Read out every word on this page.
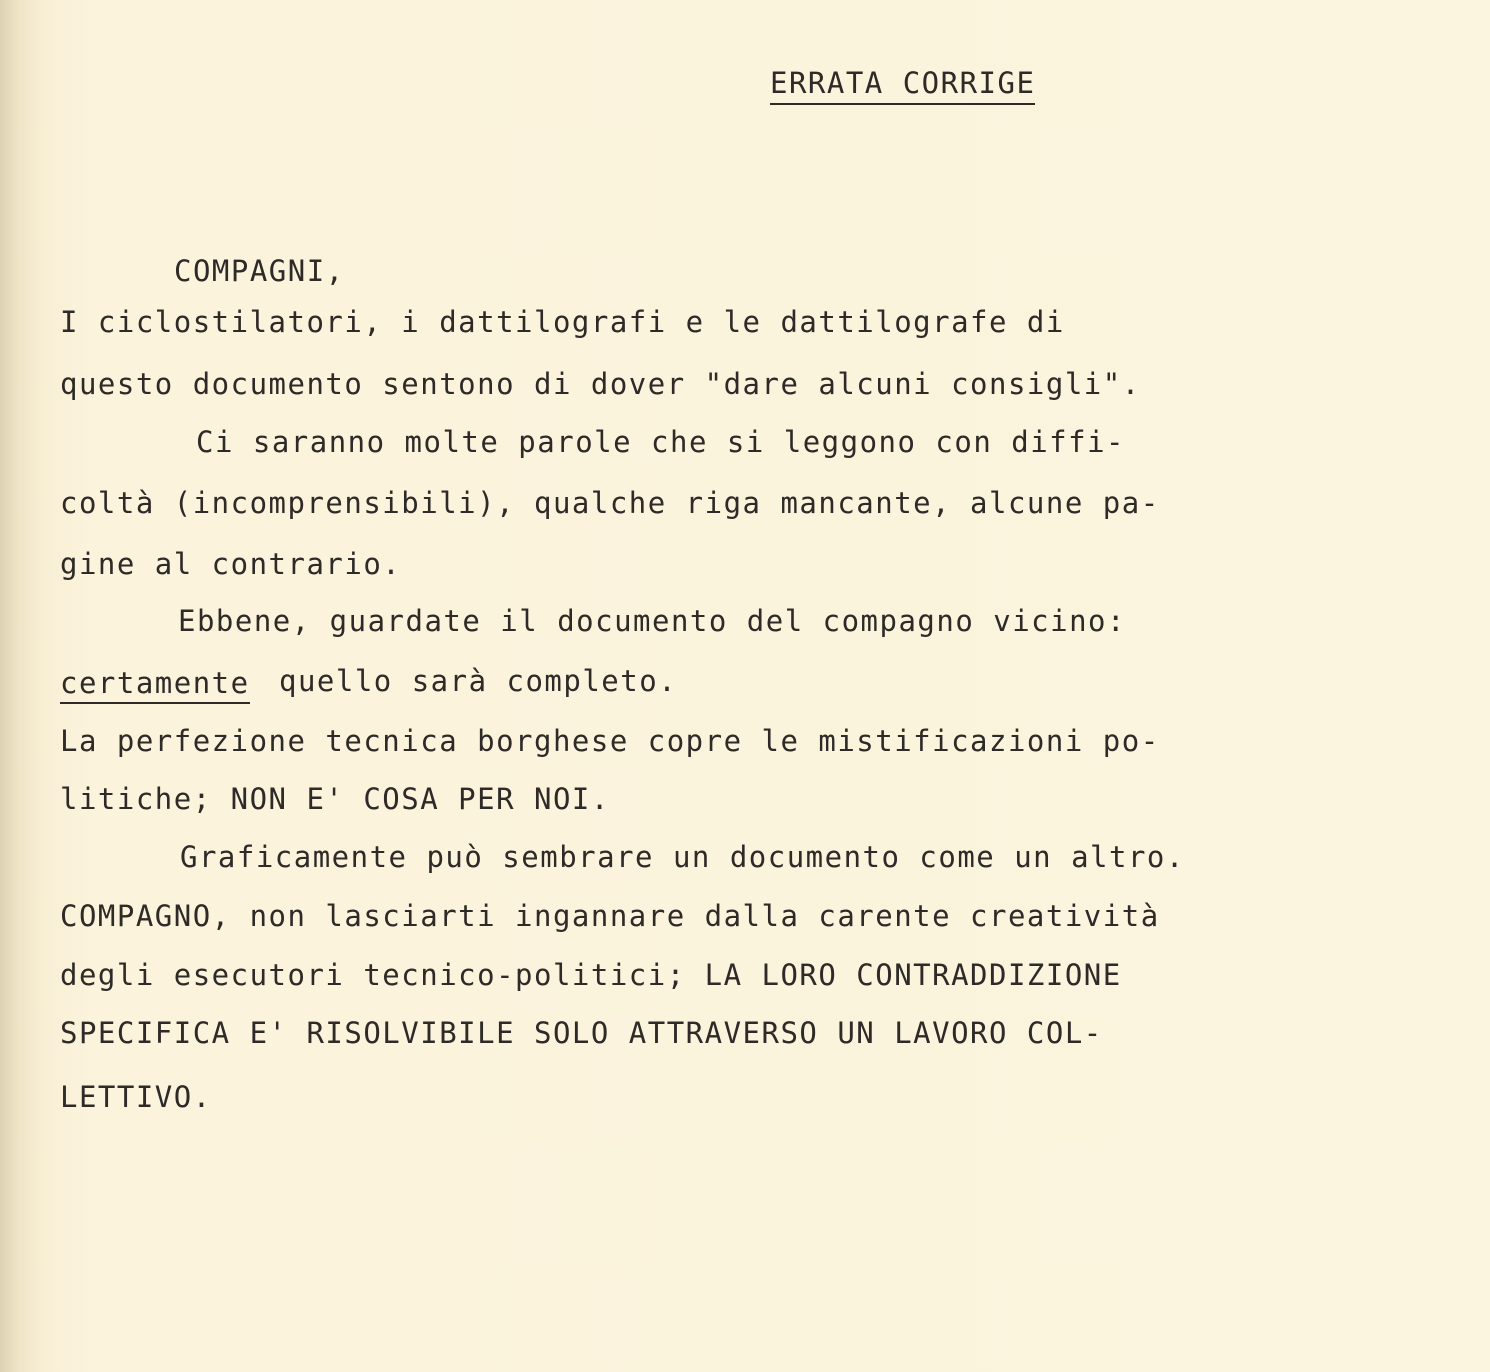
ERRATA CORRIGE
COMPAGNI,
I ciclostilatori, i dattilografi e le dattilografe di
questo documento sentono di dover "dare alcuni consigli".
Ci saranno molte parole che si leggono con diffi-
coltà (incomprensibili), qualche riga mancante, alcune pa-
gine al contrario.
Ebbene, guardate il documento del compagno vicino:
certamente quello sarà completo.
La perfezione tecnica borghese copre le mistificazioni po-
litiche; NON E' COSA PER NOI.
Graficamente può sembrare un documento come un altro.
COMPAGNO, non lasciarti ingannare dalla carente creatività
degli esecutori tecnico-politici; LA LORO CONTRADDIZIONE
SPECIFICA E' RISOLVIBILE SOLO ATTRAVERSO UN LAVORO COL-
LETTIVO.
